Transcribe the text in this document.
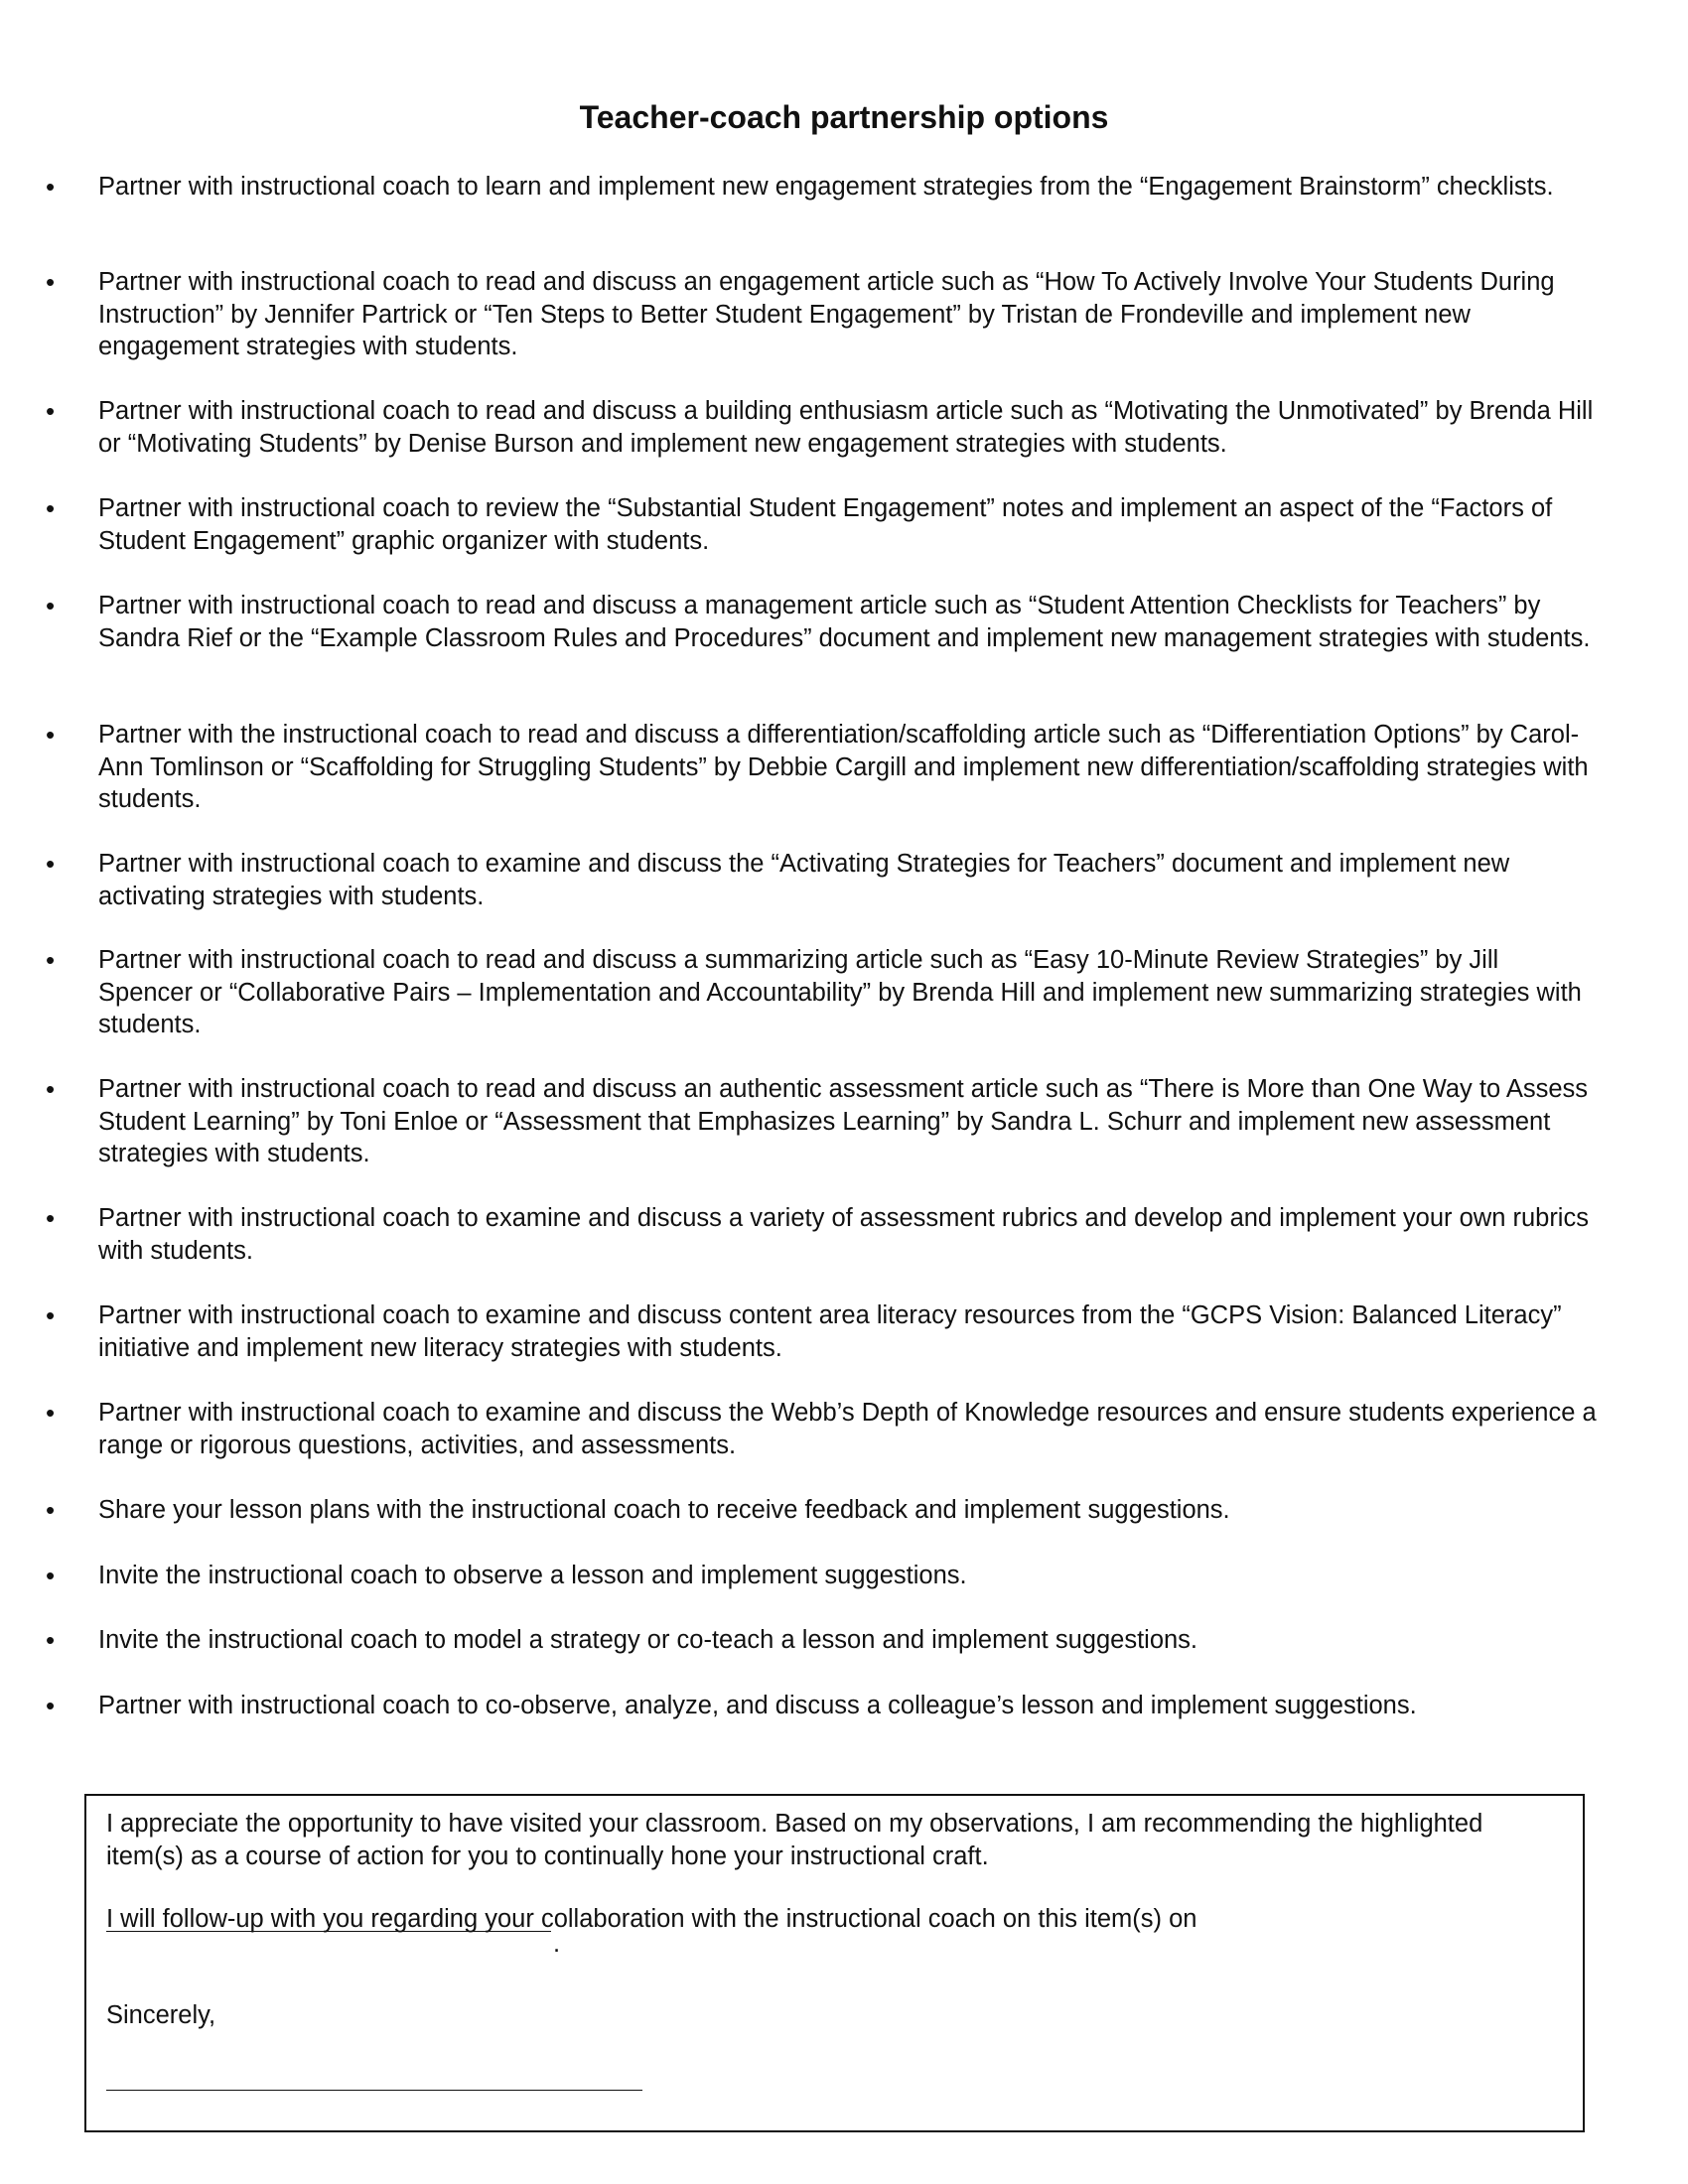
Teacher-coach partnership options
• Partner with instructional coach to learn and implement new engagement strategies from the “Engagement Brainstorm” checklists.

• Partner with instructional coach to read and discuss an engagement article such as “How To Actively Involve Your Students During Instruction” by Jennifer Partrick or “Ten Steps to Better Student Engagement” by Tristan de Frondeville and implement new engagement strategies with students.

• Partner with instructional coach to read and discuss a building enthusiasm article such as “Motivating the Unmotivated” by Brenda Hill or “Motivating Students” by Denise Burson and implement new engagement strategies with students.

• Partner with instructional coach to review the “Substantial Student Engagement” notes and implement an aspect of the “Factors of Student Engagement” graphic organizer with students.

• Partner with instructional coach to read and discuss a management article such as “Student Attention Checklists for Teachers” by Sandra Rief or the “Example Classroom Rules and Procedures” document and implement new management strategies with students.

• Partner with the instructional coach to read and discuss a differentiation/scaffolding article such as “Differentiation Options” by Carol-Ann Tomlinson or “Scaffolding for Struggling Students” by Debbie Cargill and implement new differentiation/scaffolding strategies with students.

• Partner with instructional coach to examine and discuss the “Activating Strategies for Teachers” document and implement new activating strategies with students.

• Partner with instructional coach to read and discuss a summarizing article such as “Easy 10-Minute Review Strategies” by Jill Spencer or “Collaborative Pairs – Implementation and Accountability” by Brenda Hill and implement new summarizing strategies with students.

• Partner with instructional coach to read and discuss an authentic assessment article such as “There is More than One Way to Assess Student Learning” by Toni Enloe or “Assessment that Emphasizes Learning” by Sandra L. Schurr and implement new assessment strategies with students.

• Partner with instructional coach to examine and discuss a variety of assessment rubrics and develop and implement your own rubrics with students.

• Partner with instructional coach to examine and discuss content area literacy resources from the “GCPS Vision: Balanced Literacy” initiative and implement new literacy strategies with students.

• Partner with instructional coach to examine and discuss the Webb’s Depth of Knowledge resources and ensure students experience a range or rigorous questions, activities, and assessments.

• Share your lesson plans with the instructional coach to receive feedback and implement suggestions.

• Invite the instructional coach to observe a lesson and implement suggestions.

• Invite the instructional coach to model a strategy or co-teach a lesson and implement suggestions.

• Partner with instructional coach to co-observe, analyze, and discuss a colleague’s lesson and implement suggestions.

I appreciate the opportunity to have visited your classroom. Based on my observations, I am recommending the highlighted item(s) as a course of action for you to continually hone your instructional craft.

I will follow-up with you regarding your collaboration with the instructional coach on this item(s) on

.

Sincerely,
